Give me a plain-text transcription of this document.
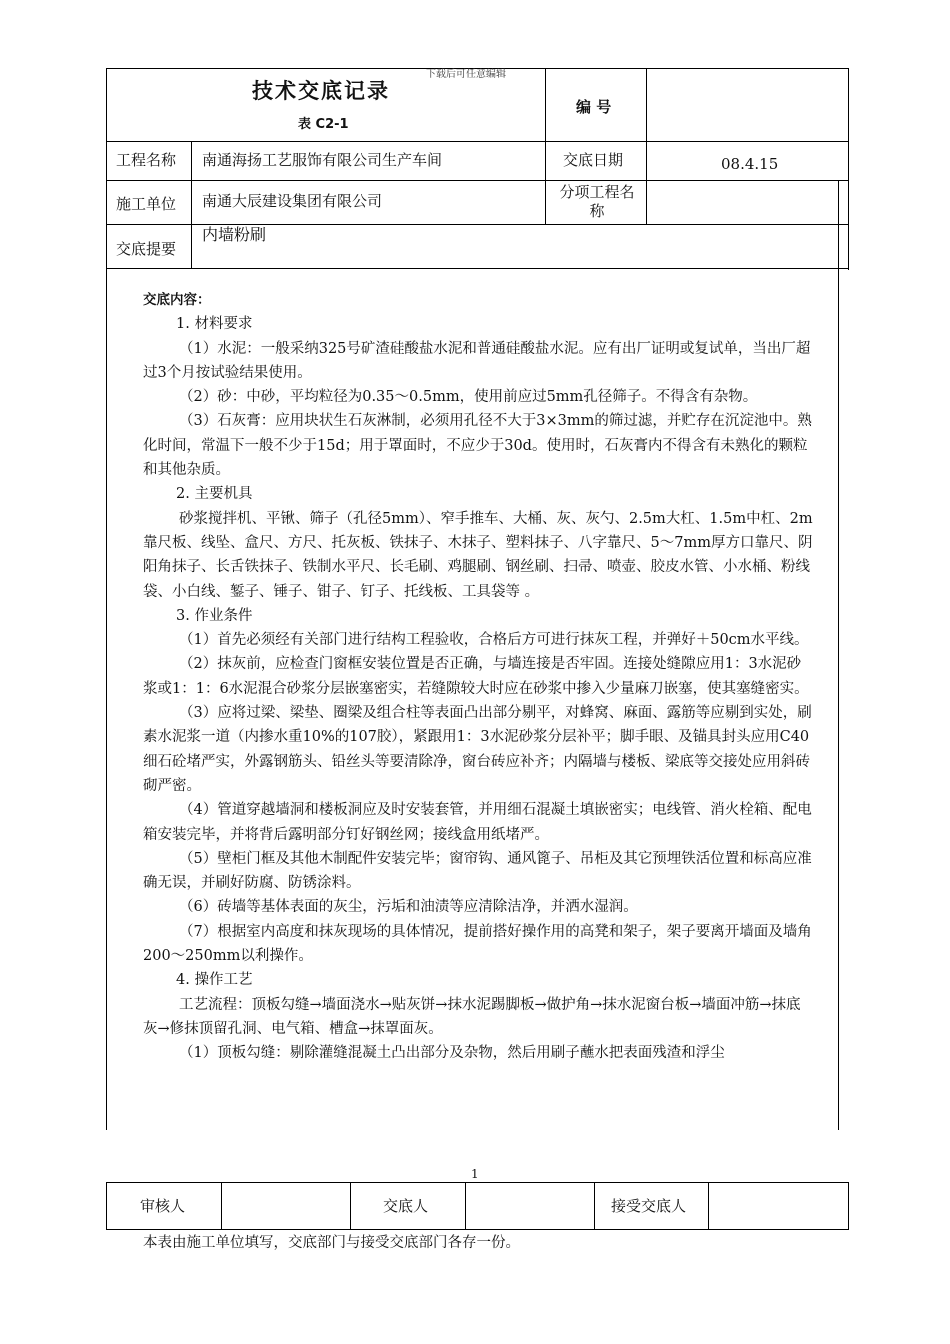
下载后可任意编辑
技术交底记录
表 C2-1
编 号
工程名称 南通海扬工艺服饰有限公司生产车间	交底日期	08.4.15
施工单位 南通大辰建设集团有限公司	分项工程名称
交底提要
内墙粉刷

交底内容：

1. 材料要求

（1）水泥：一般采纳325号矿渣硅酸盐水泥和普通硅酸盐水泥。应有出厂证明或复试单，当出厂超过3个月按试验结果使用。

（2）砂：中砂，平均粒径为0.35～0.5mm，使用前应过5mm孔径筛子。不得含有杂物。

（3）石灰膏：应用块状生石灰淋制，必须用孔径不大于3×3mm的筛过滤，并贮存在沉淀池中。熟化时间，常温下一般不少于15d；用于罩面时，不应少于30d。使用时，石灰膏内不得含有未熟化的颗粒和其他杂质。

2. 主要机具

砂浆搅拌机、平锹、筛子（孔径5mm）、窄手推车、大桶、灰、灰勺、2.5m大杠、1.5m中杠、2m 靠尺板、线坠、盒尺、方尺、托灰板、铁抹子、木抹子、塑料抹子、八字靠尺、5～7mm厚方口靠尺、阴阳角抹子、长舌铁抹子、铁制水平尺、长毛刷、鸡腿刷、钢丝刷、扫帚、喷壶、胶皮水管、小水桶、粉线袋、小白线、錾子、锤子、钳子、钉子、托线板、工具袋等 。

3. 作业条件

（1）首先必须经有关部门进行结构工程验收，合格后方可进行抹灰工程，并弹好＋50cm水平线。

（2）抹灰前，应检查门窗框安装位置是否正确，与墙连接是否牢固。连接处缝隙应用1：3水泥砂浆或1：1：6水泥混合砂浆分层嵌塞密实，若缝隙较大时应在砂浆中掺入少量麻刀嵌塞，使其塞缝密实。

（3）应将过梁、梁垫、圈梁及组合柱等表面凸出部分剔平，对蜂窝、麻面、露筋等应剔到实处，刷素水泥浆一道（内掺水重10%的107胶），紧跟用1：3水泥砂浆分层补平；脚手眼、及锚具封头应用C40细石砼堵严实，外露钢筋头、铅丝头等要清除净，窗台砖应补齐；内隔墙与楼板、梁底等交接处应用斜砖砌严密。

（4）管道穿越墙洞和楼板洞应及时安装套管，并用细石混凝土填嵌密实；电线管、消火栓箱、配电箱安装完毕，并将背后露明部分钉好钢丝网；接线盒用纸堵严。

（5）壁柜门框及其他木制配件安装完毕；窗帘钩、通风篦子、吊柜及其它预埋铁活位置和标高应准确无误，并刷好防腐、防锈涂料。

（6）砖墙等基体表面的灰尘，污垢和油渍等应清除洁净，并洒水湿润。

（7）根据室内高度和抹灰现场的具体情况，提前搭好操作用的高凳和架子，架子要离开墙面及墙角200～250mm以利操作。

4. 操作工艺

工艺流程：顶板勾缝→墙面浇水→贴灰饼→抹水泥踢脚板→做护角→抹水泥窗台板→墙面冲筋→抹底灰→修抹顶留孔洞、电气箱、槽盒→抹罩面灰。

（1）顶板勾缝：剔除灌缝混凝土凸出部分及杂物，然后用刷子蘸水把表面残渣和浮尘

1
审核人	交底人	接受交底人
本表由施工单位填写，交底部门与接受交底部门各存一份。
